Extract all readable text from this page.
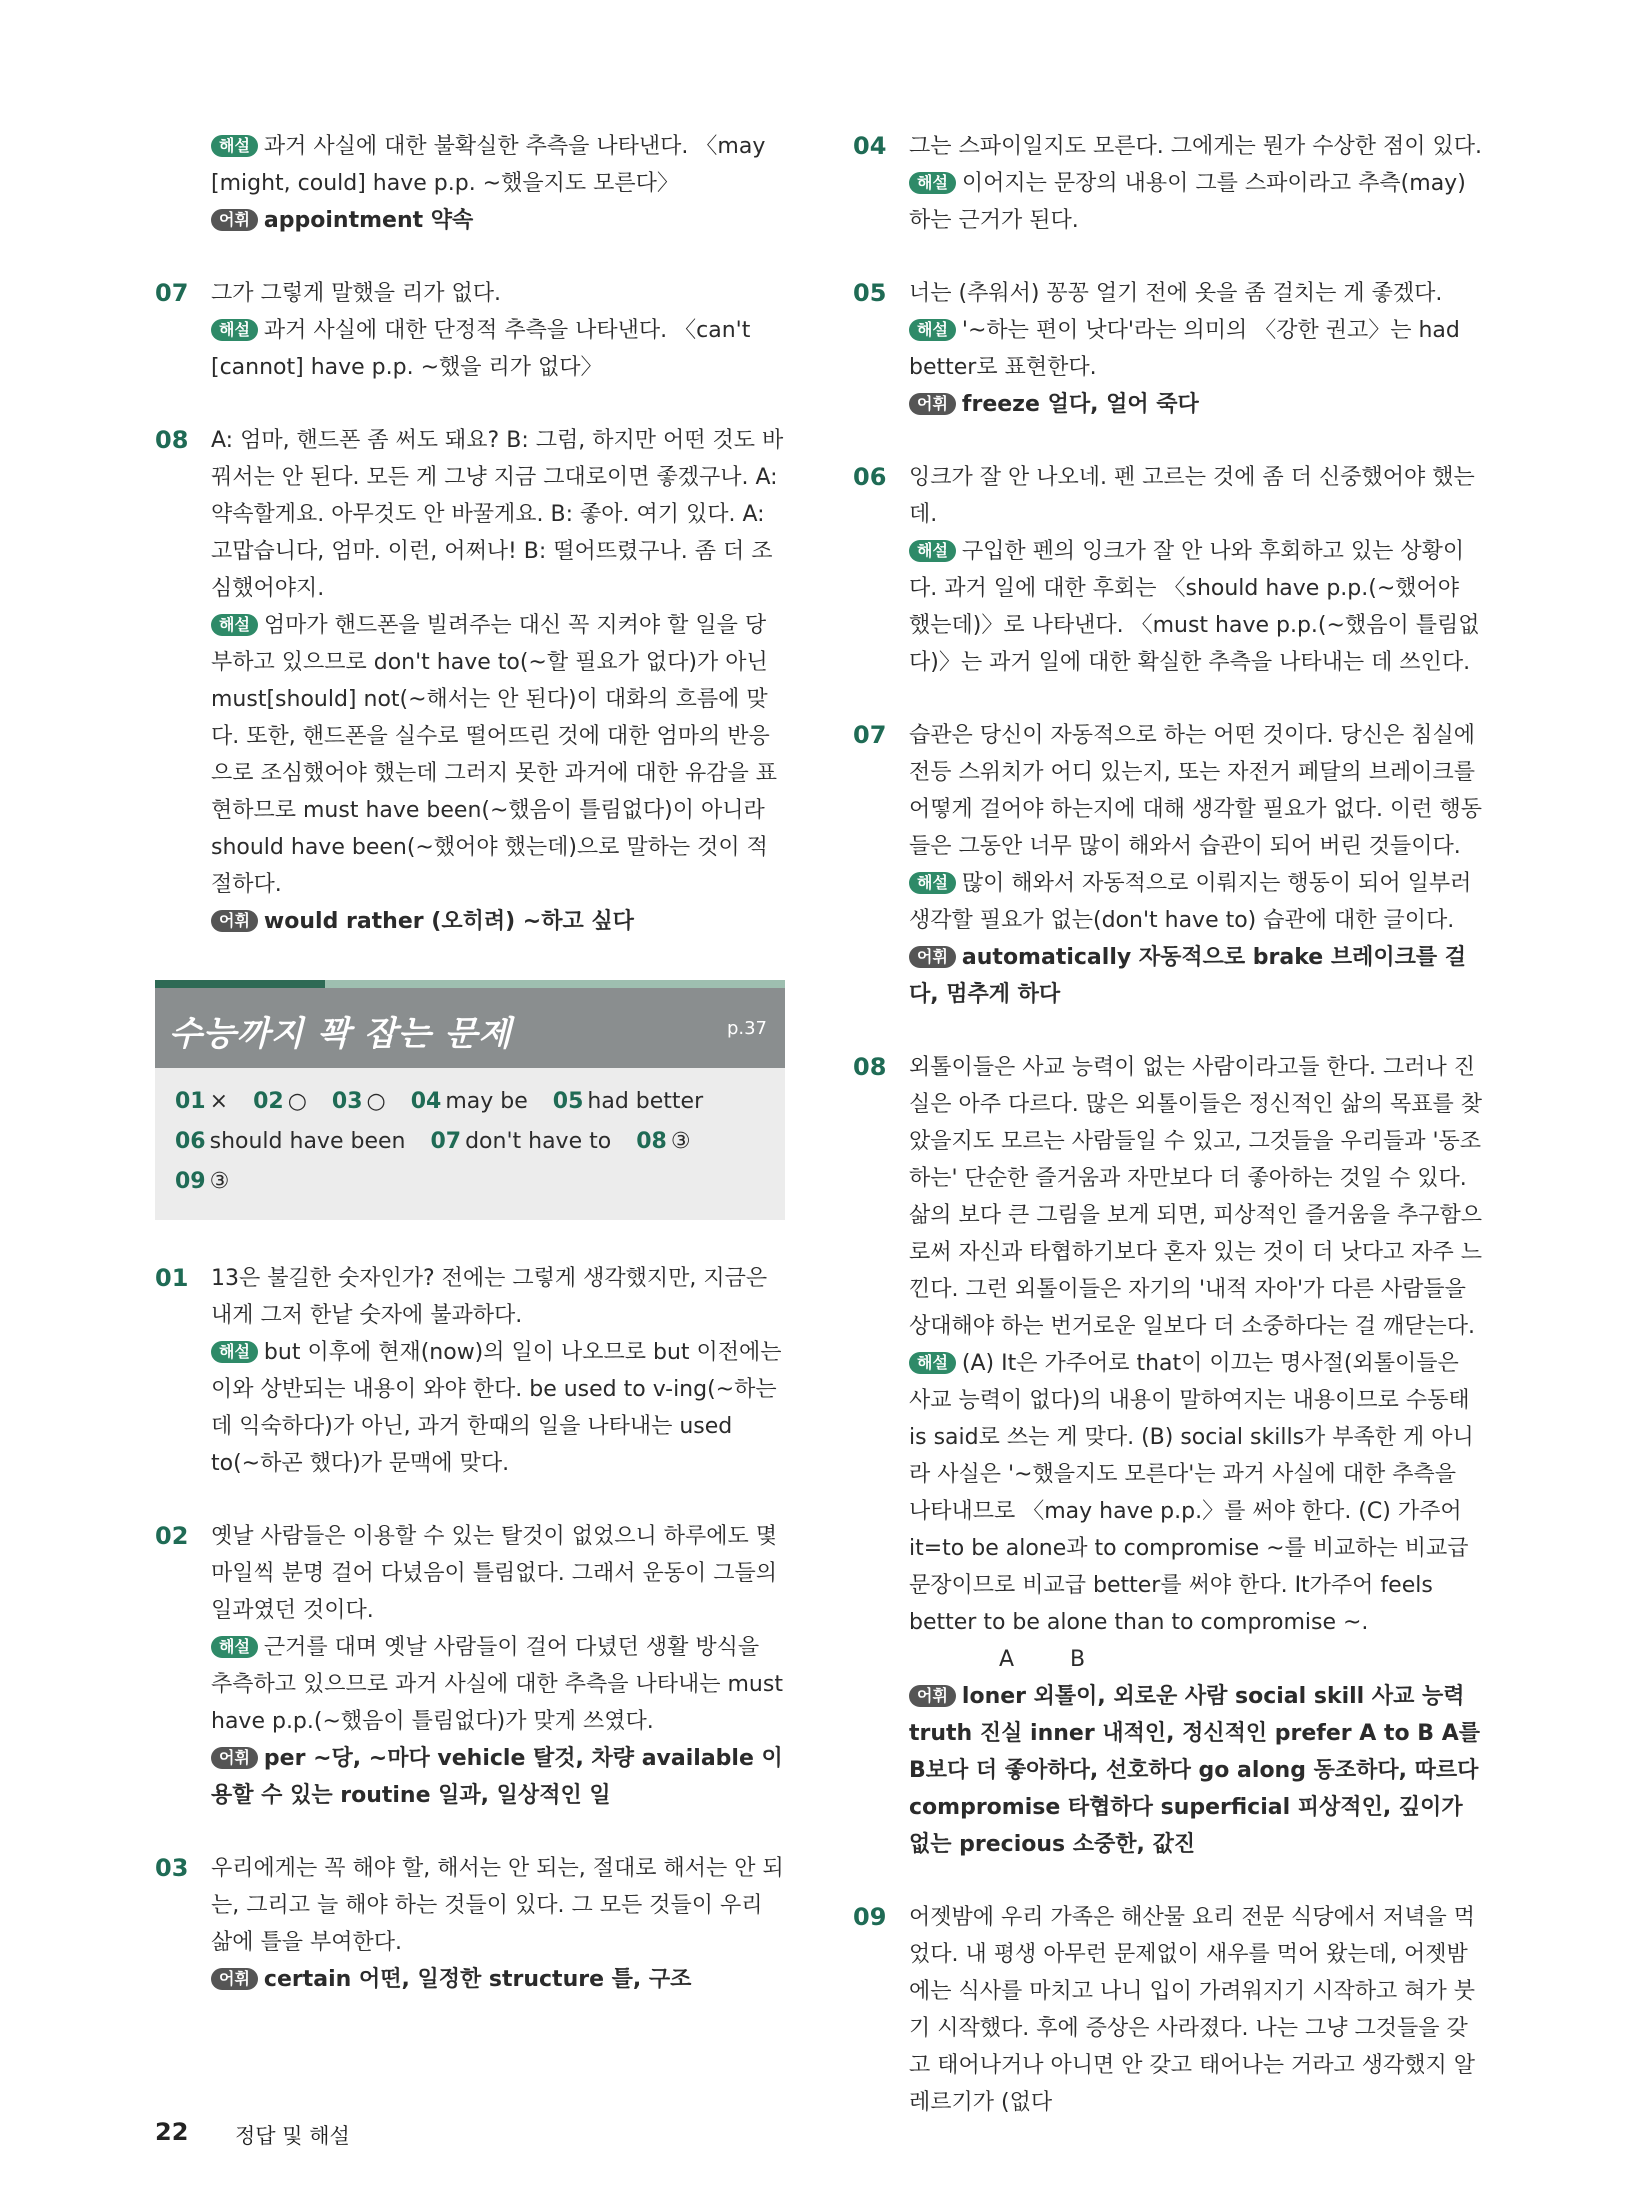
해설 과거 사실에 대한 불확실한 추측을 나타낸다. 〈may [might, could] have p.p. ~했을지도 모른다〉

어휘 appointment 약속

07 그가 그렇게 말했을 리가 없다.

해설 과거 사실에 대한 단정적 추측을 나타낸다. 〈can't [cannot] have p.p. ~했을 리가 없다〉

08 A: 엄마, 핸드폰 좀 써도 돼요? B: 그럼, 하지만 어떤 것도 바꿔서는 안 된다. 모든 게 그냥 지금 그대로이면 좋겠구나. A: 약속할게요. 아무것도 안 바꿀게요. B: 좋아. 여기 있다. A: 고맙습니다, 엄마. 이런, 어쩌나! B: 떨어뜨렸구나. 좀 더 조심했어야지.

해설 엄마가 핸드폰을 빌려주는 대신 꼭 지켜야 할 일을 당부하고 있으므로 don't have to(~할 필요가 없다)가 아닌 must[should] not(~해서는 안 된다)이 대화의 흐름에 맞다. 또한, 핸드폰을 실수로 떨어뜨린 것에 대한 엄마의 반응으로 조심했어야 했는데 그러지 못한 과거에 대한 유감을 표현하므로 must have been(~했음이 틀림없다)이 아니라 should have been(~했어야 했는데)으로 말하는 것이 적절하다.

어휘 would rather (오히려) ~하고 싶다

수능까지 꽉 잡는 문제	p.37
01 × 02 ○ 03 ○ 04 may be 05 had better
06 should have been 07 don't have to 08 ③
09 ③
01 13은 불길한 숫자인가? 전에는 그렇게 생각했지만, 지금은 내게 그저 한낱 숫자에 불과하다.

해설 but 이후에 현재(now)의 일이 나오므로 but 이전에는 이와 상반되는 내용이 와야 한다. be used to v-ing(~하는 데 익숙하다)가 아닌, 과거 한때의 일을 나타내는 used to(~하곤 했다)가 문맥에 맞다.

02 옛날 사람들은 이용할 수 있는 탈것이 없었으니 하루에도 몇 마일씩 분명 걸어 다녔음이 틀림없다. 그래서 운동이 그들의 일과였던 것이다.

해설 근거를 대며 옛날 사람들이 걸어 다녔던 생활 방식을 추측하고 있으므로 과거 사실에 대한 추측을 나타내는 must have p.p.(~했음이 틀림없다)가 맞게 쓰였다.

어휘 per ~당, ~마다 vehicle 탈것, 차량 available 이용할 수 있는 routine 일과, 일상적인 일

03 우리에게는 꼭 해야 할, 해서는 안 되는, 절대로 해서는 안 되는, 그리고 늘 해야 하는 것들이 있다. 그 모든 것들이 우리 삶에 틀을 부여한다.

어휘 certain 어떤, 일정한 structure 틀, 구조

04 그는 스파이일지도 모른다. 그에게는 뭔가 수상한 점이 있다.

해설 이어지는 문장의 내용이 그를 스파이라고 추측(may)하는 근거가 된다.

05 너는 (추워서) 꽁꽁 얼기 전에 옷을 좀 걸치는 게 좋겠다.

해설 '~하는 편이 낫다'라는 의미의 〈강한 권고〉는 had better로 표현한다.

어휘 freeze 얼다, 얼어 죽다

06 잉크가 잘 안 나오네. 펜 고르는 것에 좀 더 신중했어야 했는데.

해설 구입한 펜의 잉크가 잘 안 나와 후회하고 있는 상황이다. 과거 일에 대한 후회는 〈should have p.p.(~했어야 했는데)〉로 나타낸다. 〈must have p.p.(~했음이 틀림없다)〉는 과거 일에 대한 확실한 추측을 나타내는 데 쓰인다.

07 습관은 당신이 자동적으로 하는 어떤 것이다. 당신은 침실에 전등 스위치가 어디 있는지, 또는 자전거 페달의 브레이크를 어떻게 걸어야 하는지에 대해 생각할 필요가 없다. 이런 행동들은 그동안 너무 많이 해와서 습관이 되어 버린 것들이다.

해설 많이 해와서 자동적으로 이뤄지는 행동이 되어 일부러 생각할 필요가 없는(don't have to) 습관에 대한 글이다.

어휘 automatically 자동적으로 brake 브레이크를 걸다, 멈추게 하다

08 외톨이들은 사교 능력이 없는 사람이라고들 한다. 그러나 진실은 아주 다르다. 많은 외톨이들은 정신적인 삶의 목표를 찾았을지도 모르는 사람들일 수 있고, 그것들을 우리들과 '동조하는' 단순한 즐거움과 자만보다 더 좋아하는 것일 수 있다. 삶의 보다 큰 그림을 보게 되면, 피상적인 즐거움을 추구함으로써 자신과 타협하기보다 혼자 있는 것이 더 낫다고 자주 느낀다. 그런 외톨이들은 자기의 '내적 자아'가 다른 사람들을 상대해야 하는 번거로운 일보다 더 소중하다는 걸 깨닫는다.

해설 (A) It은 가주어로 that이 이끄는 명사절(외톨이들은 사교 능력이 없다)의 내용이 말하여지는 내용이므로 수동태 is said로 쓰는 게 맞다. (B) social skills가 부족한 게 아니라 사실은 '~했을지도 모른다'는 과거 사실에 대한 추측을 나타내므로 〈may have p.p.〉를 써야 한다. (C) 가주어 it=to be alone과 to compromise ~를 비교하는 비교급 문장이므로 비교급 better를 써야 한다. It가주어 feels better to be alone than to compromise ~.

A        B

어휘 loner 외톨이, 외로운 사람 social skill 사교 능력 truth 진실 inner 내적인, 정신적인 prefer A to B A를 B보다 더 좋아하다, 선호하다 go along 동조하다, 따르다 compromise 타협하다 superficial 피상적인, 깊이가 없는 precious 소중한, 값진

09 어젯밤에 우리 가족은 해산물 요리 전문 식당에서 저녁을 먹었다. 내 평생 아무런 문제없이 새우를 먹어 왔는데, 어젯밤에는 식사를 마치고 나니 입이 가려워지기 시작하고 혀가 붓기 시작했다. 후에 증상은 사라졌다. 나는 그냥 그것들을 갖고 태어나거나 아니면 안 갖고 태어나는 거라고 생각했지 알레르기가 (없다

22 정답 및 해설
